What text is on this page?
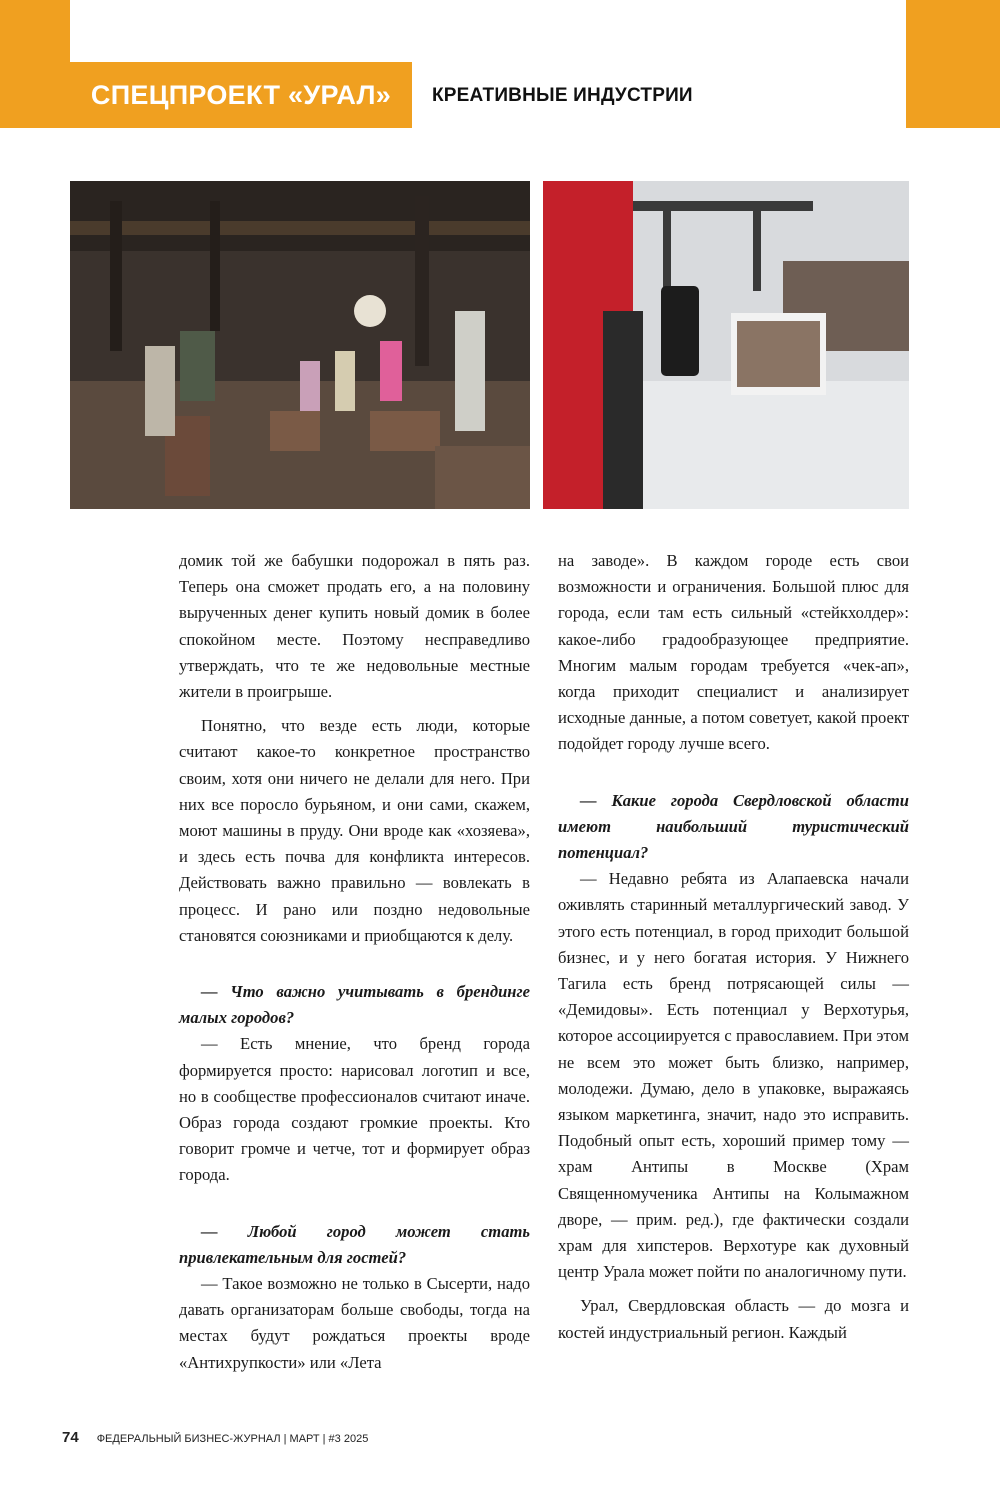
СПЕЦПРОЕКТ «УРАЛ»	КРЕАТИВНЫЕ ИНДУСТРИИ

домик той же бабушки подорожал в пять раз. Теперь она сможет продать его, а на половину вырученных денег купить новый домик в более спокойном месте. Поэтому несправедливо утверждать, что те же недовольные местные жители в проигрыше.

Понятно, что везде есть люди, которые считают какое-то конкретное пространство своим, хотя они ничего не делали для него. При них все поросло бурьяном, и они сами, скажем, моют машины в пруду. Они вроде как «хозяева», и здесь есть почва для конфликта интересов. Действовать важно правильно — вовлекать в процесс. И рано или поздно недовольные становятся союзниками и приобщаются к делу.

— Что важно учитывать в брендинге малых городов?

— Есть мнение, что бренд города формируется просто: нарисовал логотип и все, но в сообществе профессионалов считают иначе. Образ города создают громкие проекты. Кто говорит громче и четче, тот и формирует образ города.

— Любой город может стать привлекательным для гостей?

— Такое возможно не только в Сысерти, надо давать организаторам больше свободы, тогда на местах будут рождаться проекты вроде «Антихрупкости» или «Лета

на заводе». В каждом городе есть свои возможности и ограничения. Большой плюс для города, если там есть сильный «стейкхолдер»: какое-либо градообразующее предприятие. Многим малым городам требуется «чек-ап», когда приходит специалист и анализирует исходные данные, а потом советует, какой проект подойдет городу лучше всего.

— Какие города Свердловской области имеют наибольший туристический потенциал?

— Недавно ребята из Алапаевска начали оживлять старинный металлургический завод. У этого есть потенциал, в город приходит большой бизнес, и у него богатая история. У Нижнего Тагила есть бренд потрясающей силы — «Демидовы». Есть потенциал у Верхотурья, которое ассоциируется с православием. При этом не всем это может быть близко, например, молодежи. Думаю, дело в упаковке, выражаясь языком маркетинга, значит, надо это исправить. Подобный опыт есть, хороший пример тому — храм Антипы в Москве (Храм Священномученика Антипы на Колымажном дворе, — прим. ред.), где фактически создали храм для хипстеров. Верхотуре как духовный центр Урала может пойти по аналогичному пути.

Урал, Свердловская область — до мозга и костей индустриальный регион. Каждый

74 ФЕДЕРАЛЬНЫЙ БИЗНЕС-ЖУРНАЛ | МАРТ | #3 2025
